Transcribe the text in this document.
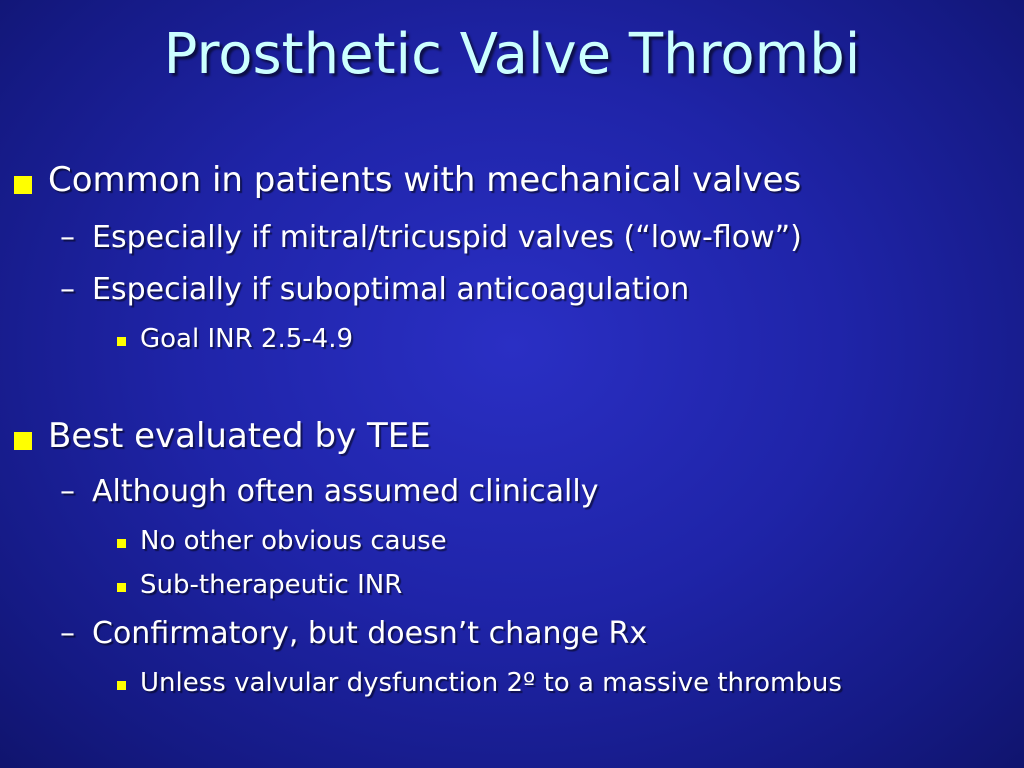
Prosthetic Valve Thrombi
Common in patients with mechanical valves
– Especially if mitral/tricuspid valves (“low-flow”)
– Especially if suboptimal anticoagulation
Goal INR 2.5-4.9
Best evaluated by TEE
– Although often assumed clinically
No other obvious cause
Sub-therapeutic INR
– Confirmatory, but doesn’t change Rx
Unless valvular dysfunction 2º to a massive thrombus
